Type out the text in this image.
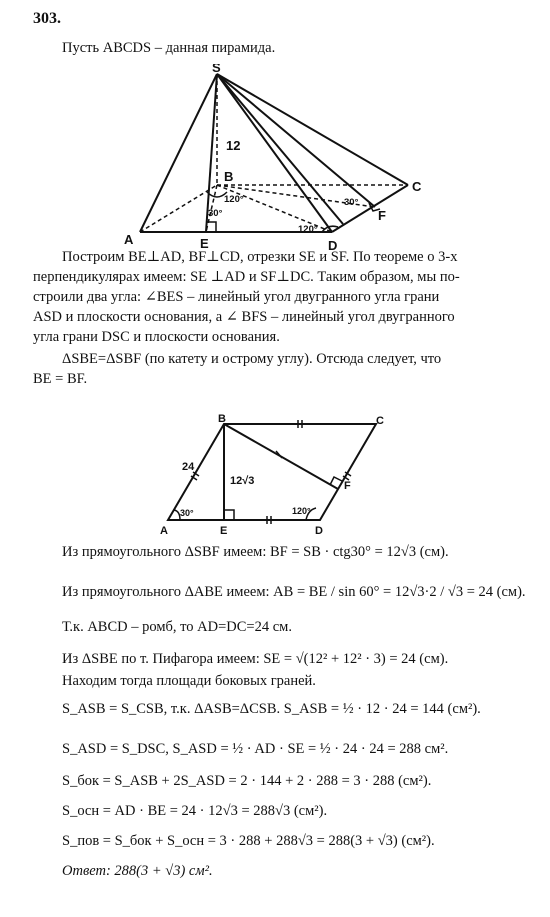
303.
Пусть ABCDS – данная пирамида.
S
B
C
A	D
E
F
12
120°
30°
30°
120°
Построим BE⊥AD, BF⊥CD, отрезки SE и SF. По теореме о 3-х
перпендикулярах имеем: SE ⊥AD и SF⊥DC. Таким образом, мы по-
строили два угла: ∠BES – линейный угол двугранного угла грани
ASD и плоскости основания, а ∠ BFS – линейный угол двугранного
угла грани DSC и плоскости основания.
ΔSBE=ΔSBF (по катету и острому углу). Отсюда следует, что
BE = BF.
A
B	C
D
E
F
24
12√3
30°	120°
Из прямоугольного ΔSBF имеем: BF = SB · ctg30° = 12√3 (см).
Из прямоугольного ΔABE имеем: AB = BE / sin 60° = 12√3·2 / √3 = 24 (см).
Т.к. ABCD – ромб, то AD=DC=24 см.
Из ΔSBE по т. Пифагора имеем: SE = √(12² + 12² · 3) = 24 (см).
Находим тогда площади боковых граней.
S_ASB = S_CSB, т.к. ΔASB=ΔCSB. S_ASB = ½ · 12 · 24 = 144 (см²).
S_ASD = S_DSC, S_ASD = ½ · AD · SE = ½ · 24 · 24 = 288 см².
S_бок = S_ASB + 2S_ASD = 2 · 144 + 2 · 288 = 3 · 288 (см²).
S_осн = AD · BE = 24 · 12√3 = 288√3 (см²).
S_пов = S_бок + S_осн = 3 · 288 + 288√3 = 288(3 + √3) (см²).
Ответ: 288(3 + √3) см².
